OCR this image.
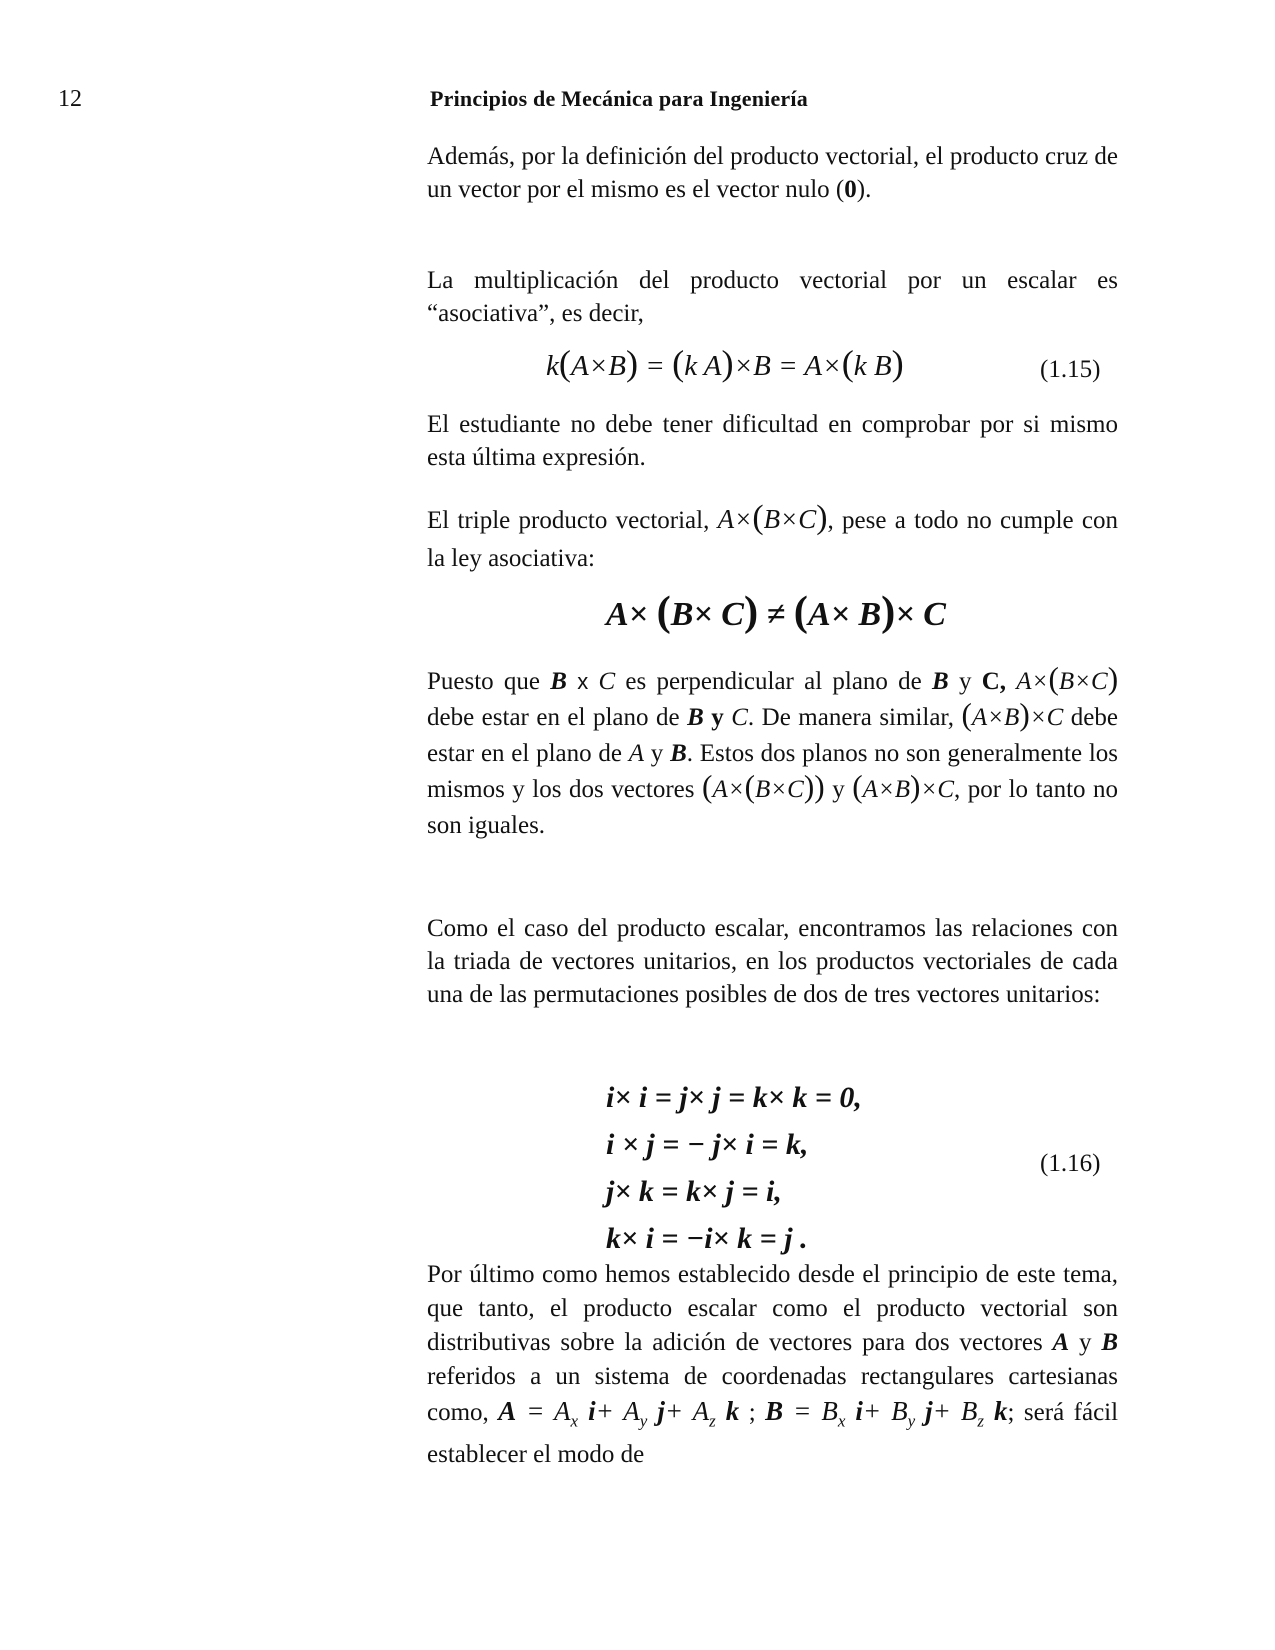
12	Principios de Mecánica para Ingeniería

Además, por la definición del producto vectorial, el producto cruz de un vector por el mismo es el vector nulo (0).

La multiplicación del producto vectorial por un escalar es “asociativa”, es decir,

k(A×B) = (k A)×B = A×(k B)	(1.15)

El estudiante no debe tener dificultad en comprobar por si mismo esta última expresión.

El triple producto vectorial, A×(B×C), pese a todo no cumple con la ley asociativa:

A× (B× C) ≠ (A× B)× C

Puesto que B x C es perpendicular al plano de B y C, A×(B×C) debe estar en el plano de B y C. De manera similar, (A×B)×C debe estar en el plano de A y B. Estos dos planos no son generalmente los mismos y los dos vectores (A×(B×C)) y (A×B)×C, por lo tanto no son iguales.

Como el caso del producto escalar, encontramos las relaciones con la triada de vectores unitarios, en los productos vectoriales de cada una de las permutaciones posibles de dos de tres vectores unitarios:

i× i = j× j = k× k = 0,
i × j = − j× i = k,
j× k = k× j = i,
k× i = −i× k = j .
(1.16)

Por último como hemos establecido desde el principio de este tema, que tanto, el producto escalar como el producto vectorial son distributivas sobre la adición de vectores para dos vectores A y B referidos a un sistema de coordenadas rectangulares cartesianas como, $A = A_x$ $i+ A_y$ $j+ A_z$ k ; $B = B_x$ $i+ B_y$ $j+ B_z$ k; será fácil establecer el modo de
